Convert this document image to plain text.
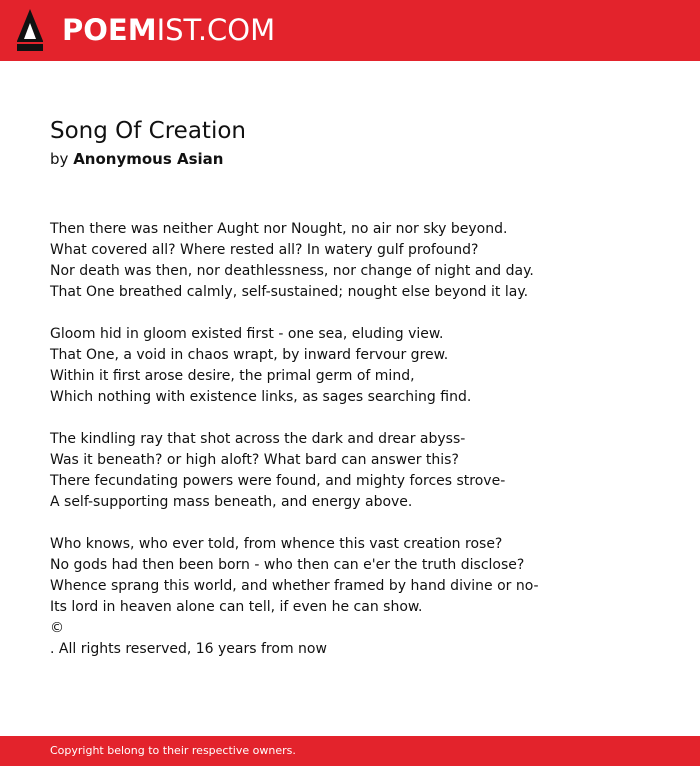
POEMIST.COM
Song Of Creation
by Anonymous Asian
Then there was neither Aught nor Nought, no air nor sky beyond.
What covered all? Where rested all? In watery gulf profound?
Nor death was then, nor deathlessness, nor change of night and day.
That One breathed calmly, self-sustained; nought else beyond it lay.
Gloom hid in gloom existed first - one sea, eluding view.
That One, a void in chaos wrapt, by inward fervour grew.
Within it first arose desire, the primal germ of mind,
Which nothing with existence links, as sages searching find.
The kindling ray that shot across the dark and drear abyss-
Was it beneath? or high aloft? What bard can answer this?
There fecundating powers were found, and mighty forces strove-
A self-supporting mass beneath, and energy above.
Who knows, who ever told, from whence this vast creation rose?
No gods had then been born - who then can e'er the truth disclose?
Whence sprang this world, and whether framed by hand divine or no-
Its lord in heaven alone can tell, if even he can show.
©
. All rights reserved, 16 years from now
Copyright belong to their respective owners.
